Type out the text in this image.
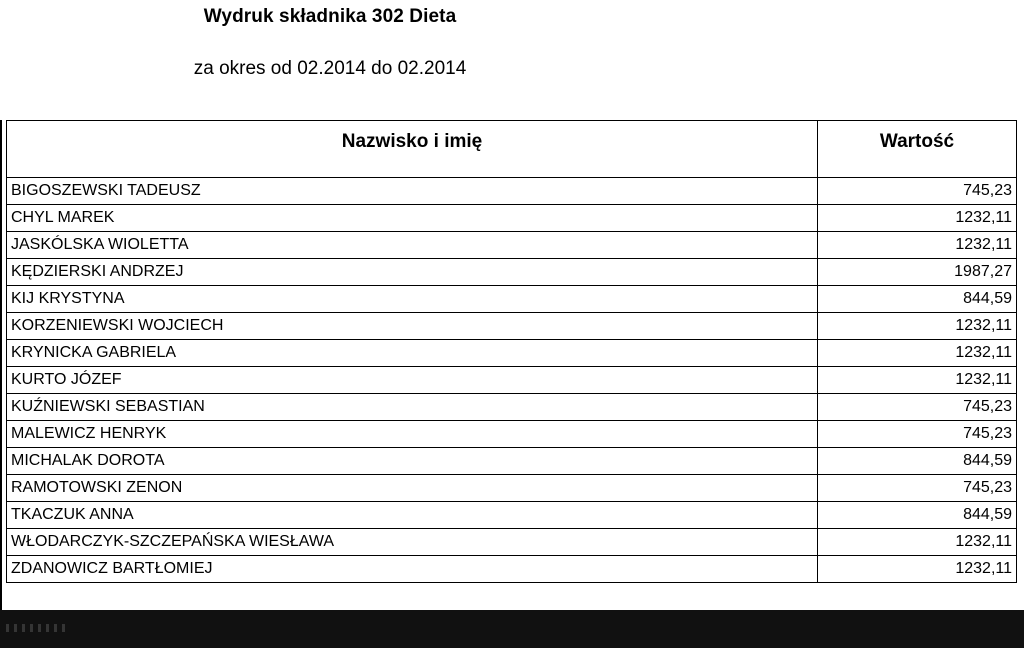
Wydruk składnika 302 Dieta
za okres od 02.2014 do 02.2014
Nazwisko i imię	Wartość
BIGOSZEWSKI TADEUSZ	745,23
CHYL MAREK	1232,11
JASKÓLSKA WIOLETTA	1232,11
KĘDZIERSKI ANDRZEJ	1987,27
KIJ KRYSTYNA	844,59
KORZENIEWSKI WOJCIECH	1232,11
KRYNICKA GABRIELA	1232,11
KURTO JÓZEF	1232,11
KUŹNIEWSKI SEBASTIAN	745,23
MALEWICZ HENRYK	745,23
MICHALAK DOROTA	844,59
RAMOTOWSKI ZENON	745,23
TKACZUK ANNA	844,59
WŁODARCZYK-SZCZEPAŃSKA WIESŁAWA	1232,11
ZDANOWICZ BARTŁOMIEJ	1232,11
